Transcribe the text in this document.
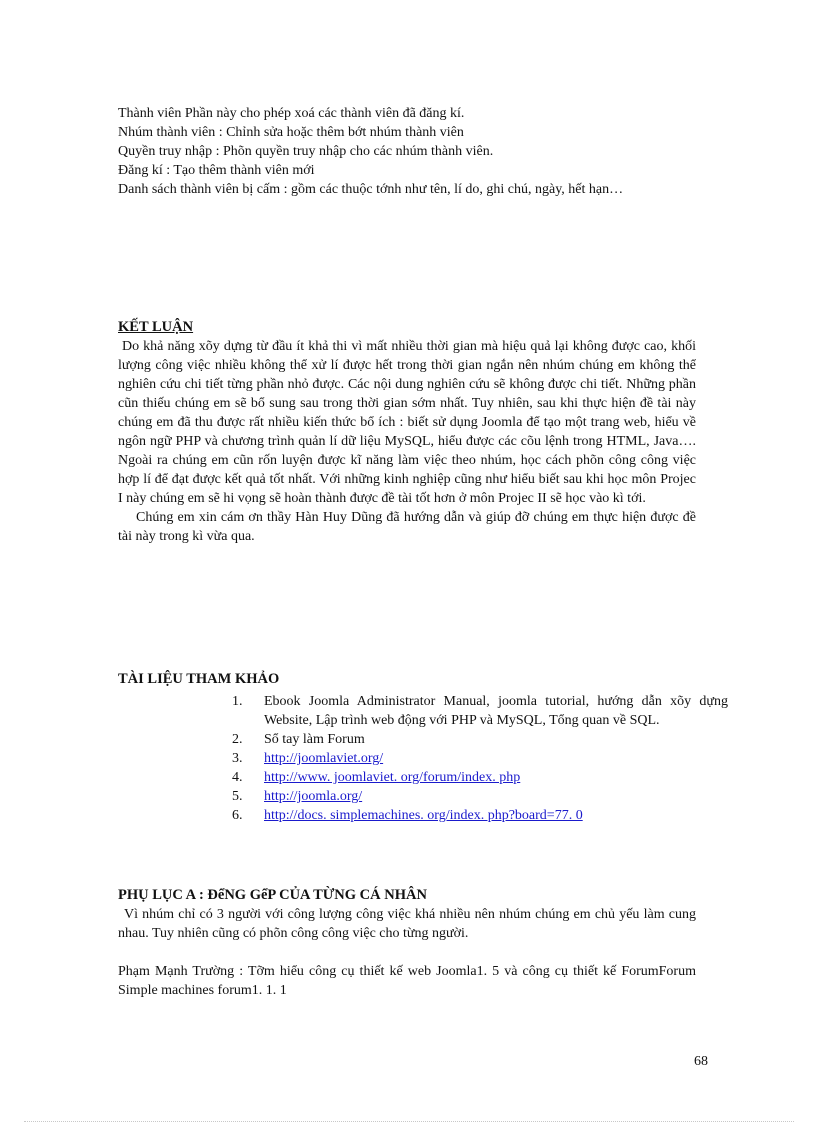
Thành viên Phần này cho phép xoá các thành viên đã đăng kí.
Nhúm thành viên : Chỉnh sửa hoặc thêm bớt nhúm thành viên
Quyền truy nhập : Phõn quyền truy nhập cho các nhúm thành viên.
Đăng kí : Tạo thêm thành viên mới
Danh sách thành viên bị cấm : gồm các thuộc tớnh như tên, lí do, ghi chú, ngày, hết hạn…
KẾT LUẬN
Do khả năng xõy dựng từ đầu ít khả thi vì mất nhiều thời gian mà hiệu quả lại không được cao, khối lượng công việc nhiều không thể xử lí được hết trong thời gian ngắn nên nhúm chúng em không thể nghiên cứu chi tiết từng phần nhỏ được. Các nội dung nghiên cứu sẽ không được chi tiết. Những phần cũn thiếu chúng em sẽ bổ sung sau trong thời gian sớm nhất. Tuy nhiên, sau khi thực hiện đề tài này chúng em đã thu được rất nhiều kiến thức bổ ích : biết sử dụng Joomla để tạo một trang web, hiểu về ngôn ngữ PHP và chương trình quản lí dữ liệu MySQL, hiểu được các cõu lệnh trong HTML, Java…. Ngoài ra chúng em cũn rốn luyện được kĩ năng làm việc theo nhúm, học cách phõn công công việc hợp lí để đạt được kết quả tốt nhất. Với những kinh nghiệp cũng như hiểu biết sau khi học môn Projec I này chúng em sẽ hi vọng sẽ hoàn thành được đề tài tốt hơn ở môn Projec II sẽ học vào kì tới.
Chúng em xin cám ơn thầy Hàn Huy Dũng đã hướng dẫn và giúp đỡ chúng em thực hiện được đề tài này trong kì vừa qua.
TÀI LIỆU THAM KHẢO
1.	Ebook Joomla Administrator Manual, joomla tutorial, hướng dẫn xõy dựng Website, Lập trình web động với PHP và MySQL, Tổng quan về SQL.
2.	Sổ tay làm Forum
3.	http://joomlaviet.org/
4.	http://www. joomlaviet. org/forum/index. php
5.	http://joomla.org/
6.	http://docs. simplemachines. org/index. php?board=77. 0
PHỤ LỤC A : ĐểNG GểP CỦA TỪNG CÁ NHÂN
Vì nhúm chỉ có 3 người với công lượng công việc khá nhiều nên nhúm chúng em chủ yếu làm cung nhau. Tuy nhiên cũng có phõn công công việc cho từng người.
Phạm Mạnh Trường : Tỡm hiểu công cụ thiết kế web Joomla1. 5 và công cụ thiết kế ForumForum Simple machines forum1. 1. 1
68
